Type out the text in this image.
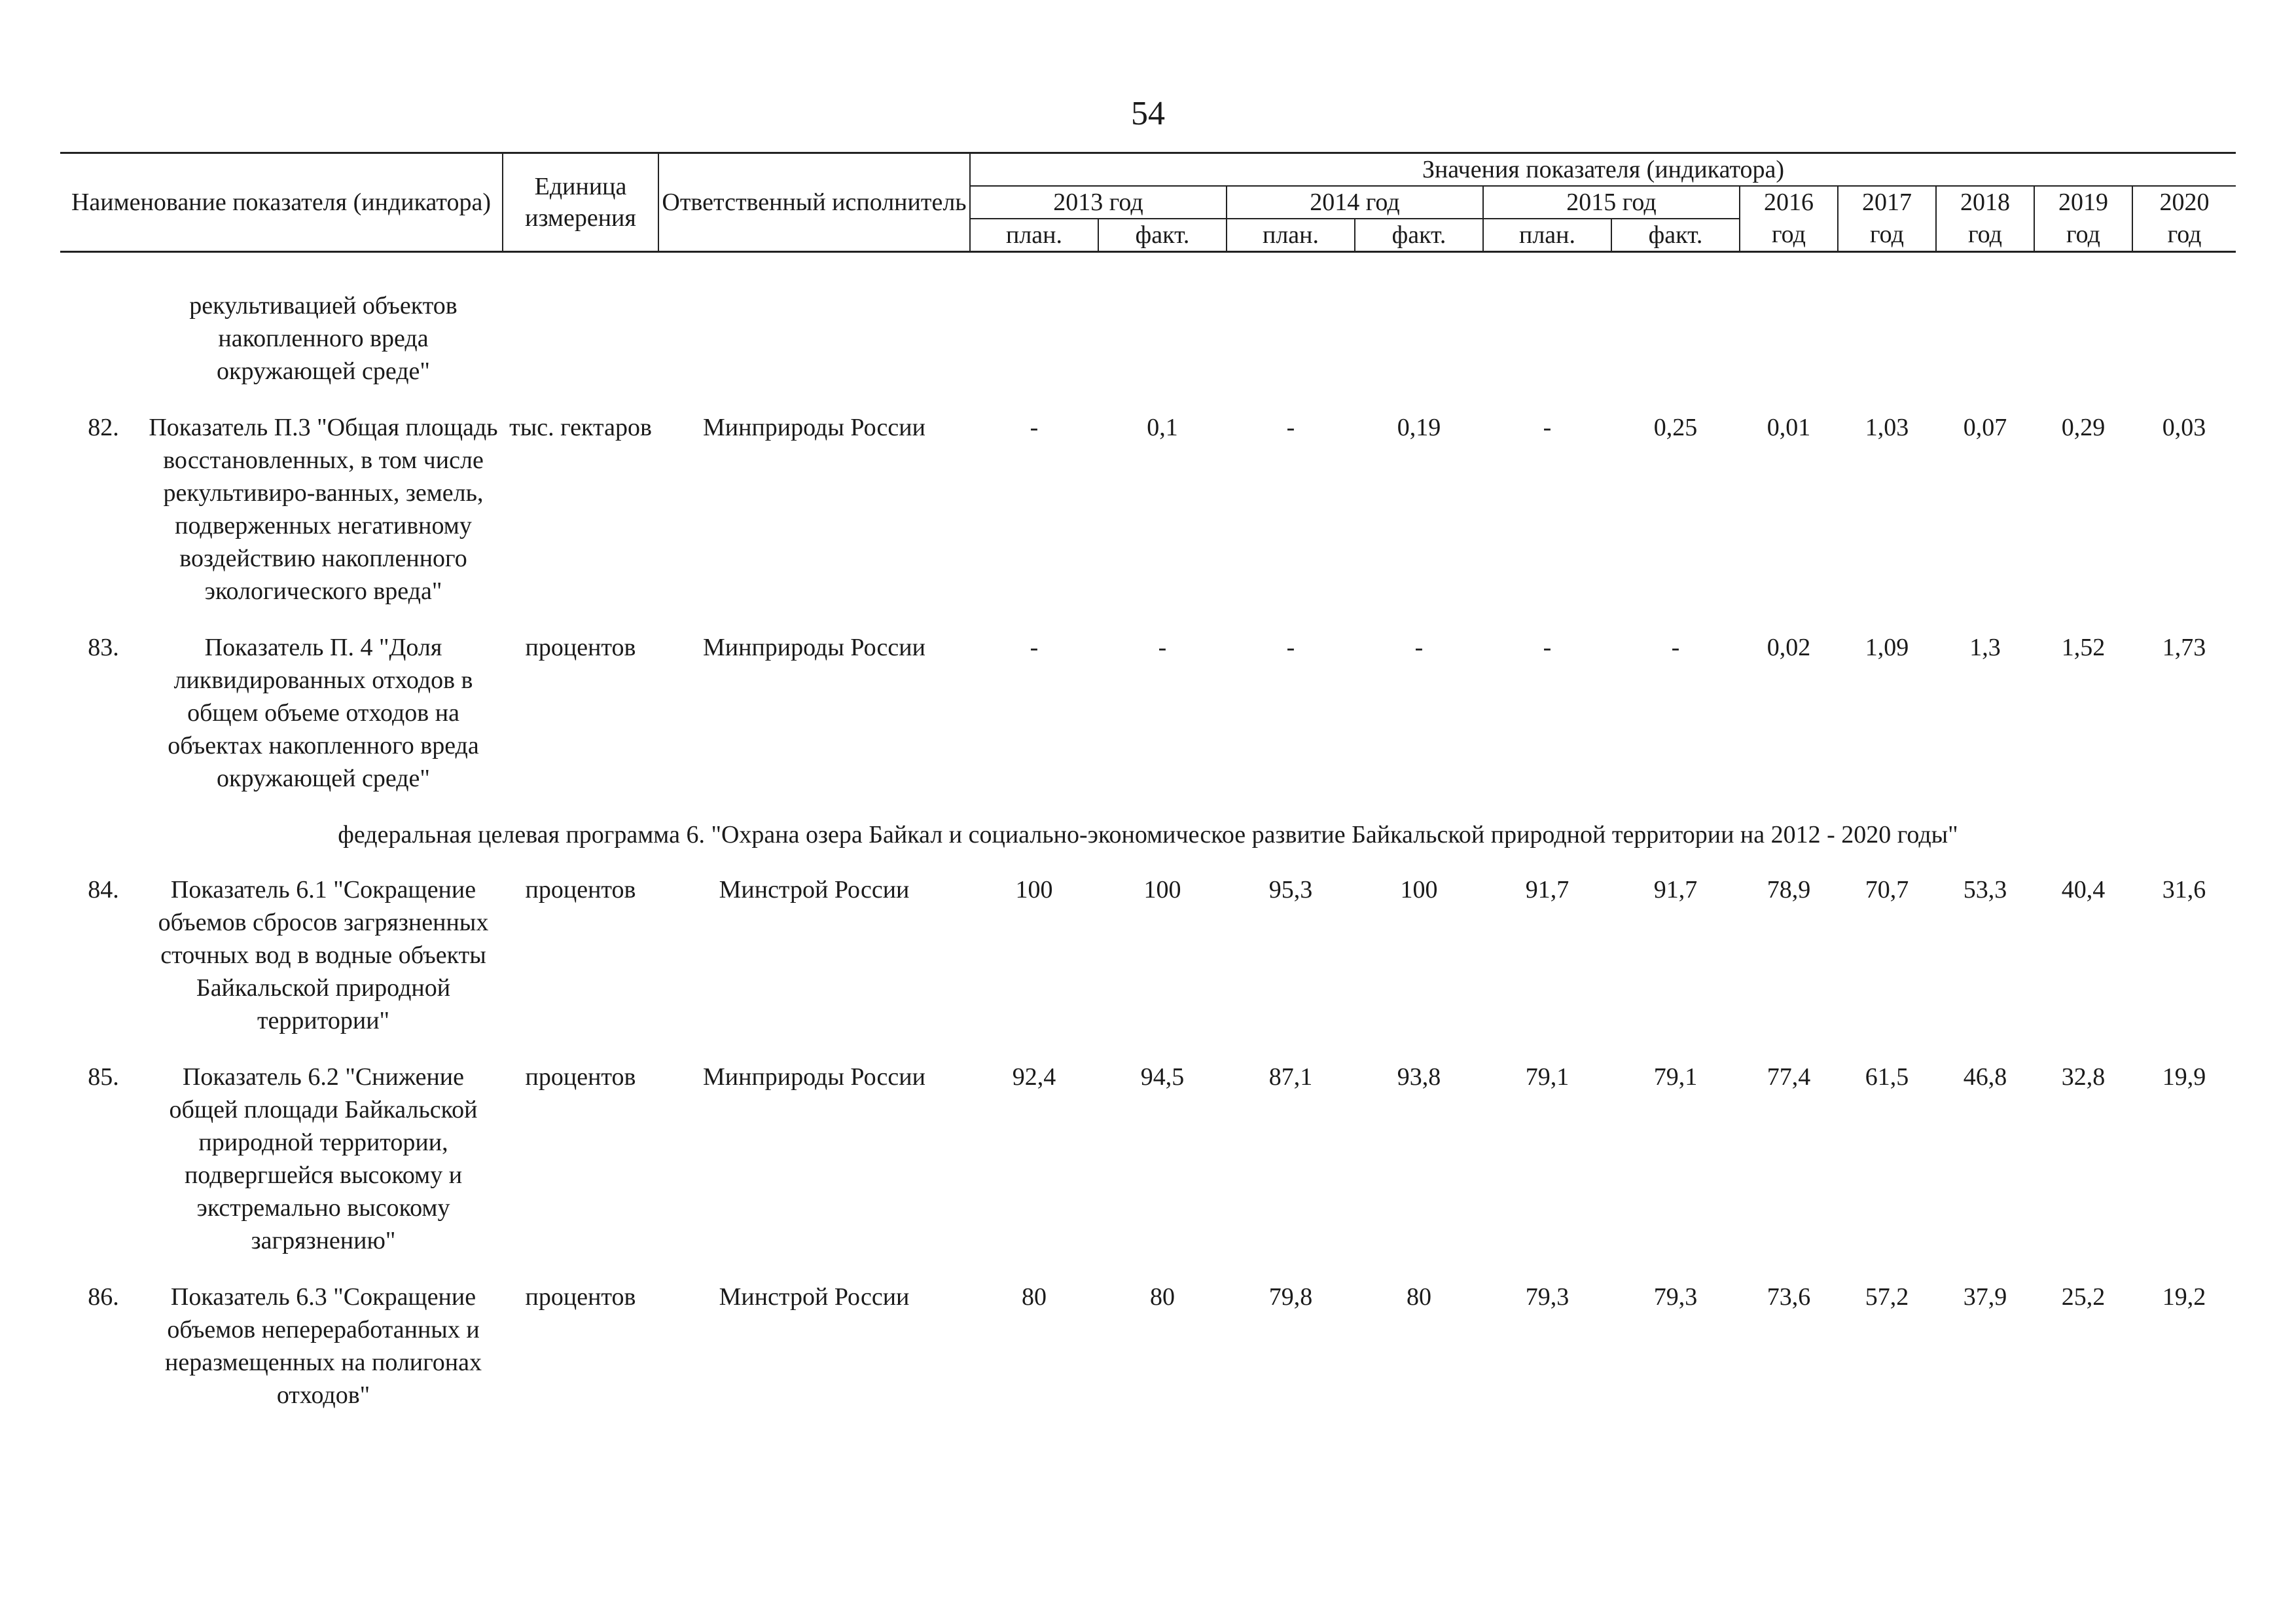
54
Наименование показателя (индикатора)		Единица измерения	Ответственный исполнитель	Значения показателя (индикатора)										
				2013 год		2014 год		2015 год		2016	2017	2018	2019	2020
				план.	факт.	план.	факт.	план.	факт.	год	год	год	год	год

	рекультивацией объектов накопленного вреда окружающей среде"													

82.	Показатель П.3 "Общая площадь восстановленных, в том числе рекультивиро-ванных, земель, подверженных негативному воздействию накопленного экологического вреда"	тыс. гектаров	Минприроды России	-	0,1	-	0,19	-	0,25	0,01	1,03	0,07	0,29	0,03
83.	Показатель П. 4 "Доля ликвидированных отходов в общем объеме отходов на объектах накопленного вреда окружающей среде"	процентов	Минприроды России	-	-	-	-	-	-	0,02	1,09	1,3	1,52	1,73
федеральная целевая программа 6. "Охрана озера Байкал и социально-экономическое развитие Байкальской природной территории на 2012 - 2020 годы"														
84.	Показатель 6.1 "Сокращение объемов сбросов загрязненных сточных вод в водные объекты Байкальской природной территории"	процентов	Минстрой России	100	100	95,3	100	91,7	91,7	78,9	70,7	53,3	40,4	31,6
85.	Показатель 6.2 "Снижение общей площади Байкальской природной территории, подвергшейся высокому и экстремально высокому загрязнению"	процентов	Минприроды России	92,4	94,5	87,1	93,8	79,1	79,1	77,4	61,5	46,8	32,8	19,9
86.	Показатель 6.3 "Сокращение объемов непереработанных и неразмещенных на полигонах отходов"	процентов	Минстрой России	80	80	79,8	80	79,3	79,3	73,6	57,2	37,9	25,2	19,2
